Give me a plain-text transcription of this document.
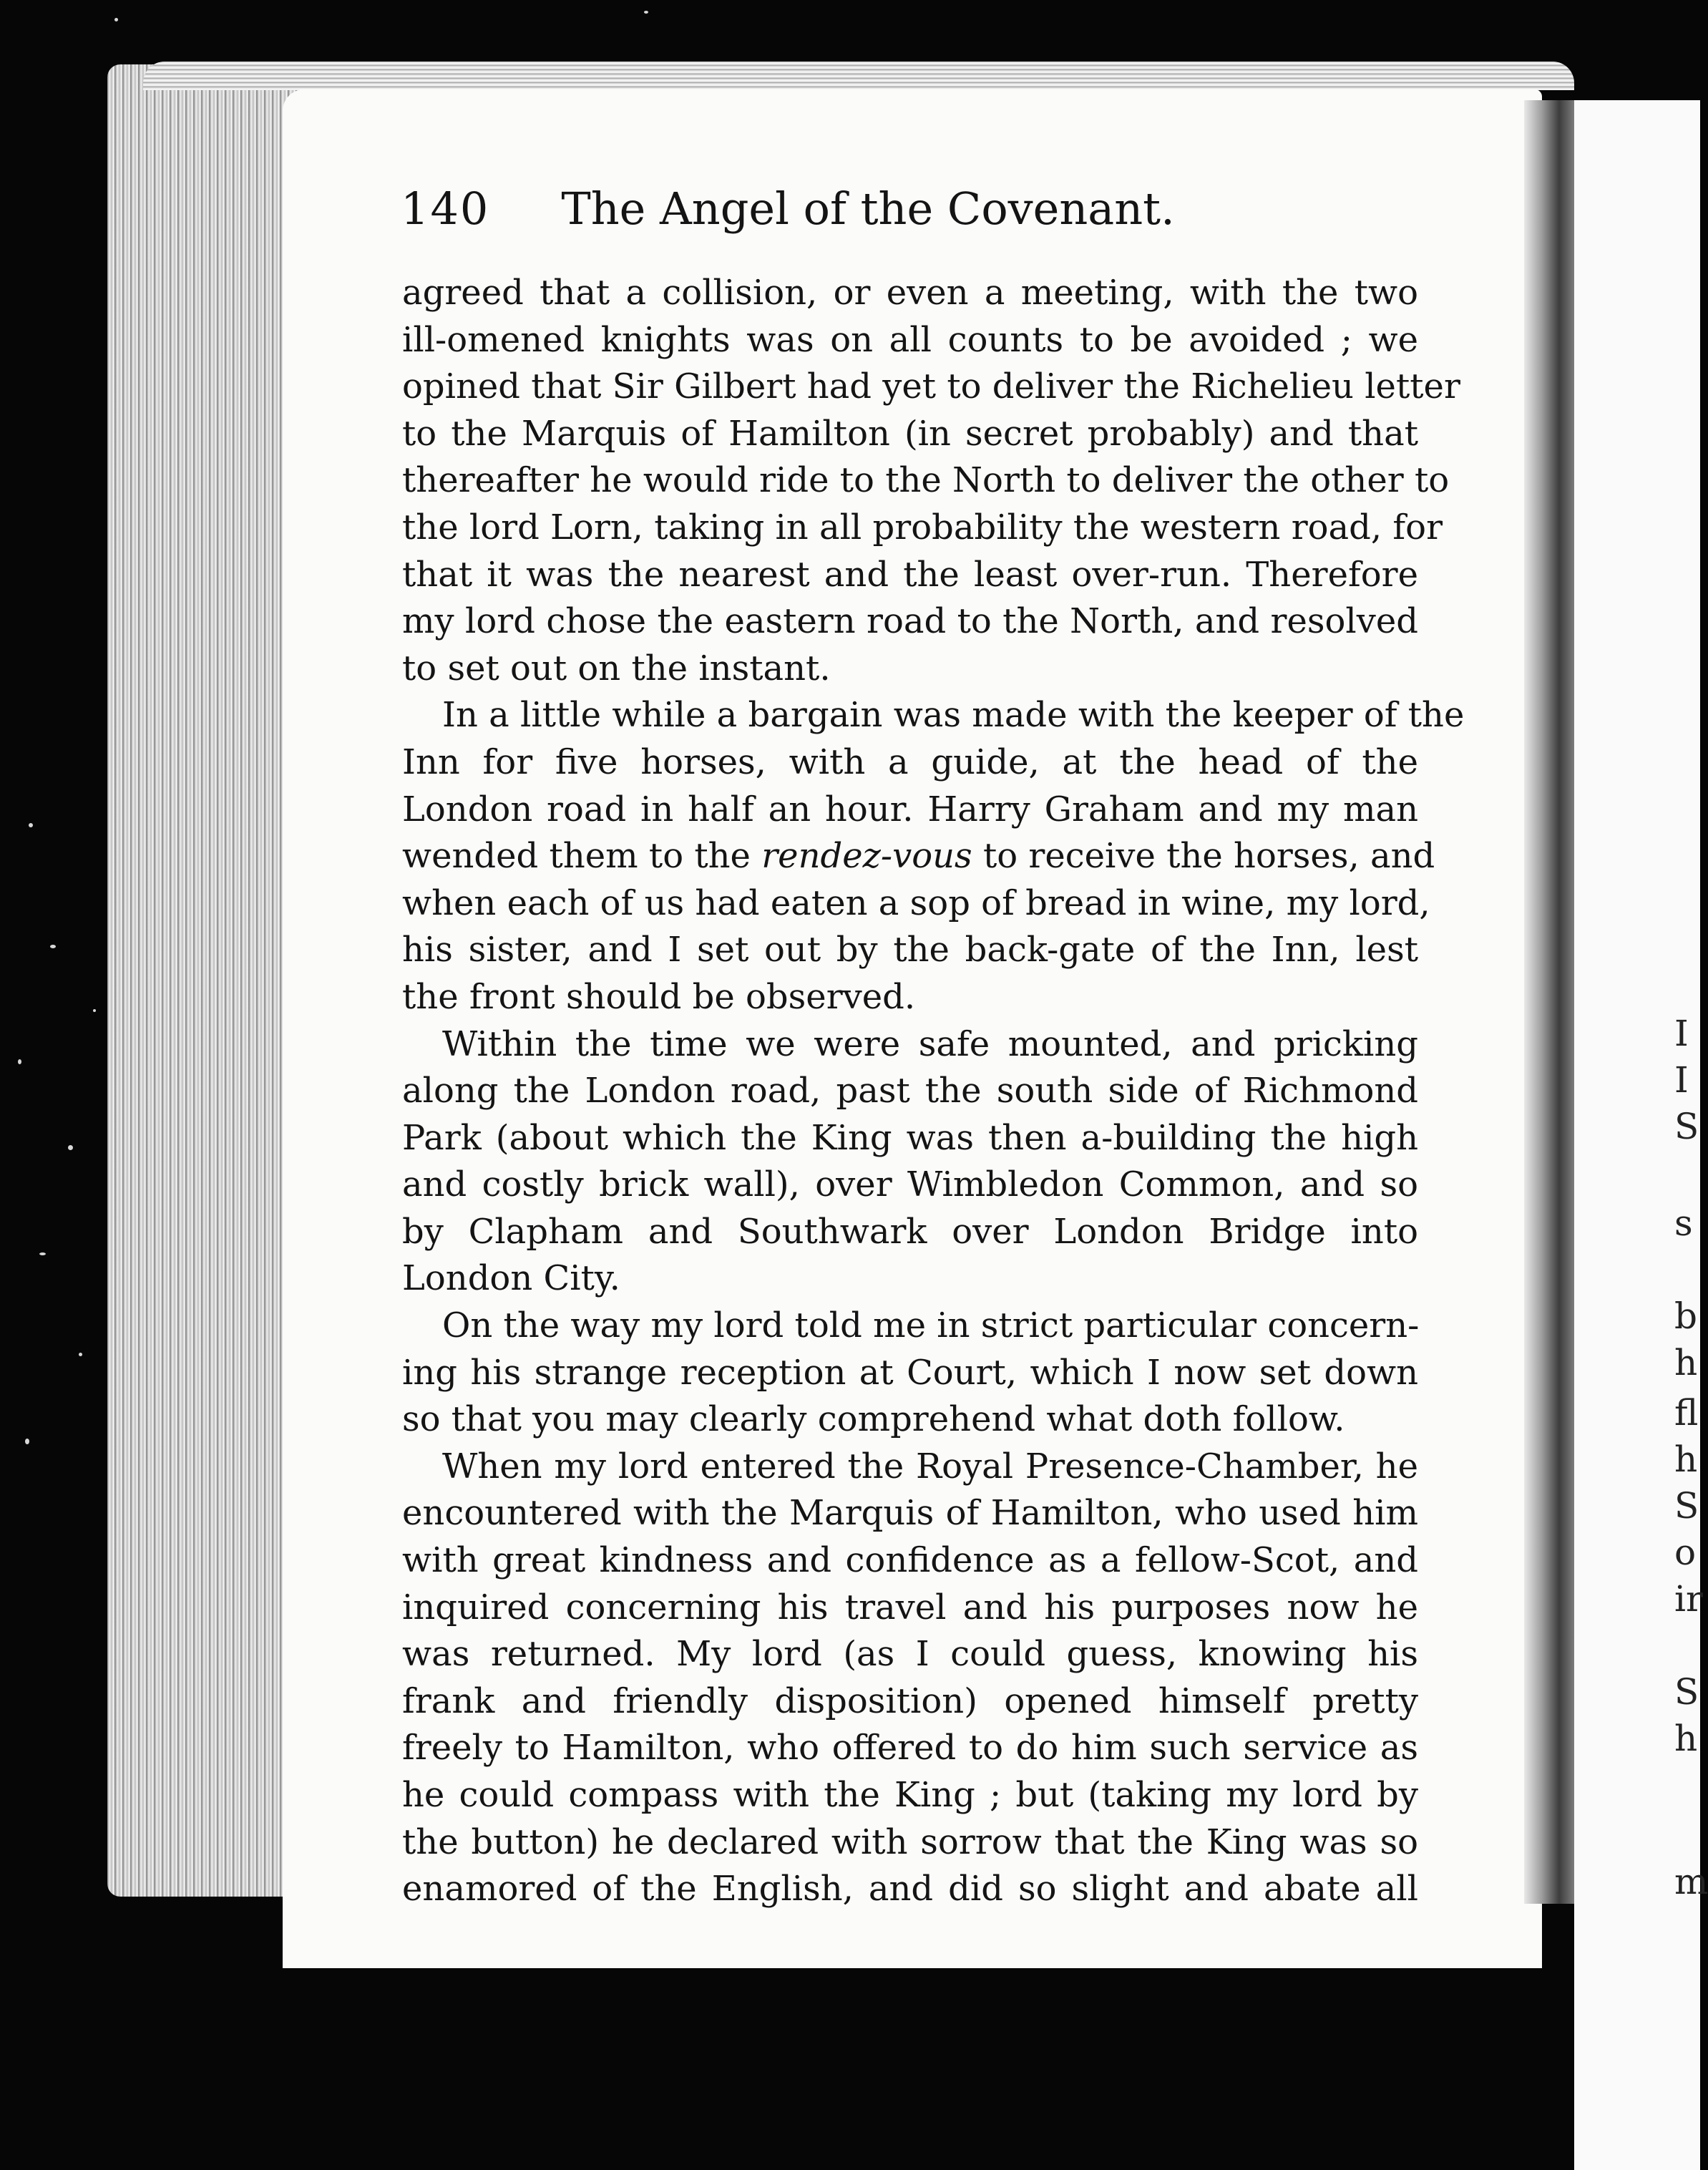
I
I
S
s
b
h
fl
h
S
o
ir
S
h
m
140 The Angel of the Covenant.
agreed that a collision, or even a meeting, with the two
ill-omened knights was on all counts to be avoided ; we
opined that Sir Gilbert had yet to deliver the Richelieu letter
to the Marquis of Hamilton (in secret probably) and that
thereafter he would ride to the North to deliver the other to
the lord Lorn, taking in all probability the western road, for
that it was the nearest and the least over-run. Therefore
my lord chose the eastern road to the North, and resolved
to set out on the instant.
In a little while a bargain was made with the keeper of the
Inn for five horses, with a guide, at the head of the
London road in half an hour. Harry Graham and my man
wended them to the rendez-vous to receive the horses, and
when each of us had eaten a sop of bread in wine, my lord,
his sister, and I set out by the back-gate of the Inn, lest
the front should be observed.
Within the time we were safe mounted, and pricking
along the London road, past the south side of Richmond
Park (about which the King was then a-building the high
and costly brick wall), over Wimbledon Common, and so
by Clapham and Southwark over London Bridge into
London City.
On the way my lord told me in strict particular concern-
ing his strange reception at Court, which I now set down
so that you may clearly comprehend what doth follow.
When my lord entered the Royal Presence-Chamber, he
encountered with the Marquis of Hamilton, who used him
with great kindness and confidence as a fellow-Scot, and
inquired concerning his travel and his purposes now he
was returned. My lord (as I could guess, knowing his
frank and friendly disposition) opened himself pretty
freely to Hamilton, who offered to do him such service as
he could compass with the King ; but (taking my lord by
the button) he declared with sorrow that the King was so
enamored of the English, and did so slight and abate all
